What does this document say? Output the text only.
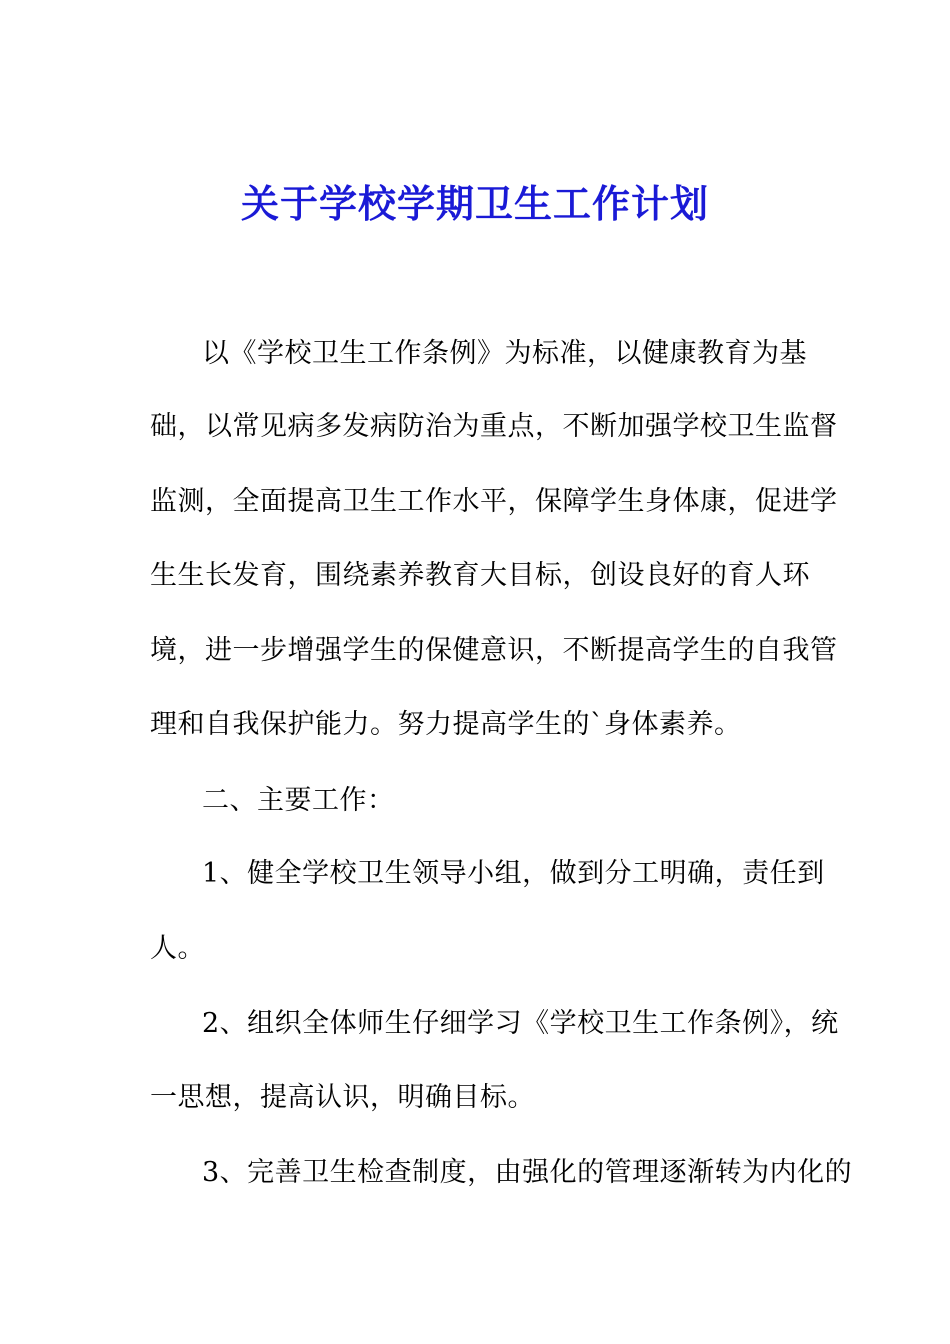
关于学校学期卫生工作计划
以《学校卫生工作条例》为标准，以健康教育为基
础，以常见病多发病防治为重点，不断加强学校卫生监督
监测，全面提高卫生工作水平，保障学生身体康，促进学
生生长发育，围绕素养教育大目标，创设良好的育人环
境，进一步增强学生的保健意识，不断提高学生的自我管
理和自我保护能力。努力提高学生的`身体素养。
二、主要工作：
1、健全学校卫生领导小组，做到分工明确，责任到
人。
2、组织全体师生仔细学习《学校卫生工作条例》，统
一思想，提高认识，明确目标。
3、完善卫生检查制度，由强化的管理逐渐转为内化的
